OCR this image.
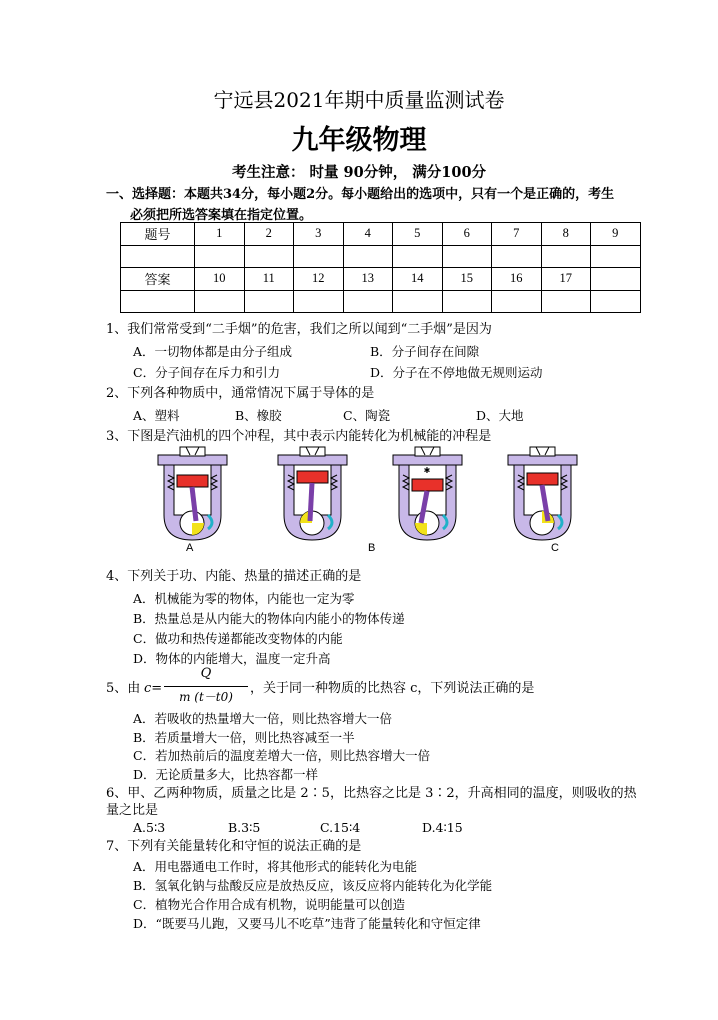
宁远县2021年期中质量监测试卷
九年级物理
考生注意： 时量 90分钟， 满分100分
一、选择题：本题共34分，每小题2分。每小题给出的选项中，只有一个是正确的，考生
必须把所选答案填在指定位置。
题号	1	2	3	4	5	6	7	8	9

答案	10	11	12	13	14	15	16	17	

1、我们常常受到“二手烟”的危害，我们之所以闻到“二手烟”是因为
A．一切物体都是由分子组成	B．分子间存在间隙
C．分子间存在斥力和引力	D．分子在不停地做无规则运动
2、下列各种物质中，通常情况下属于导体的是
A、塑料	B、橡胶	C、陶瓷	D、大地
3、下图是汽油机的四个冲程，其中表示内能转化为机械能的冲程是
A	B
✱
C
4、下列关于功、内能、热量的描述正确的是
A．机械能为零的物体，内能也一定为零
B．热量总是从内能大的物体向内能小的物体传递
C．做功和热传递都能改变物体的内能
D．物体的内能增大，温度一定升高
5、由 c=
Q
m (t－t0)
，关于同一种物质的比热容 c，下列说法正确的是
A．若吸收的热量增大一倍，则比热容增大一倍
B．若质量增大一倍，则比热容减至一半
C．若加热前后的温度差增大一倍，则比热容增大一倍
D．无论质量多大，比热容都一样
6、甲、乙两种物质，质量之比是 2∶5，比热容之比是 3∶2，升高相同的温度，则吸收的热
量之比是
A.5∶3	B.3∶5	C.15∶4	D.4∶15
7、下列有关能量转化和守恒的说法正确的是
A．用电器通电工作时，将其他形式的能转化为电能
B．氢氧化钠与盐酸反应是放热反应，该反应将内能转化为化学能
C．植物光合作用合成有机物，说明能量可以创造
D．“既要马儿跑，又要马儿不吃草”违背了能量转化和守恒定律
